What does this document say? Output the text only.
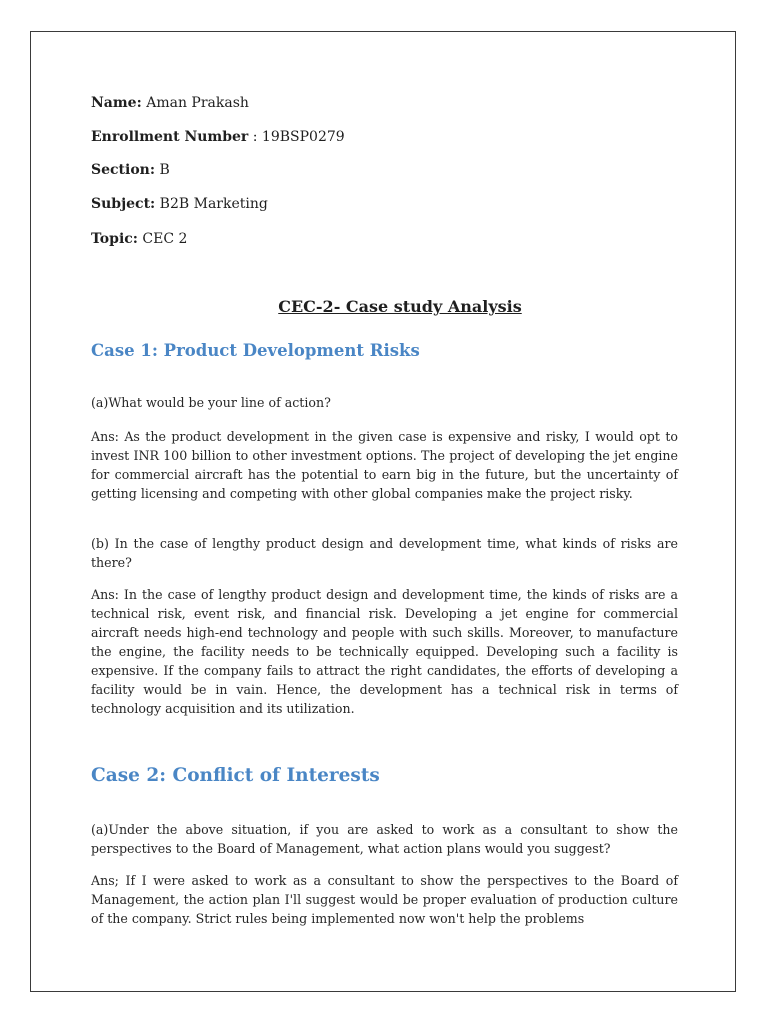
Name: Aman Prakash
Enrollment Number : 19BSP0279
Section: B
Subject: B2B Marketing
Topic: CEC 2
CEC-2- Case study Analysis
Case 1: Product Development Risks
(a)What would be your line of action?
Ans: As the product development in the given case is expensive and risky, I would opt to invest INR 100 billion to other investment options. The project of developing the jet engine for commercial aircraft has the potential to earn big in the future, but the uncertainty of getting licensing and competing with other global companies make the project risky.
(b) In the case of lengthy product design and development time, what kinds of risks are there?
Ans: In the case of lengthy product design and development time, the kinds of risks are a technical risk, event risk, and financial risk. Developing a jet engine for commercial aircraft needs high-end technology and people with such skills. Moreover, to manufacture the engine, the facility needs to be technically equipped. Developing such a facility is expensive. If the company fails to attract the right candidates, the efforts of developing a facility would be in vain. Hence, the development has a technical risk in terms of technology acquisition and its utilization.
Case 2: Conflict of Interests
(a)Under the above situation, if you are asked to work as a consultant to show the perspectives to the Board of Management, what action plans would you suggest?
Ans; If I were asked to work as a consultant to show the perspectives to the Board of Management, the action plan I'll suggest would be proper evaluation of production culture of the company. Strict rules being implemented now won't help the problems
